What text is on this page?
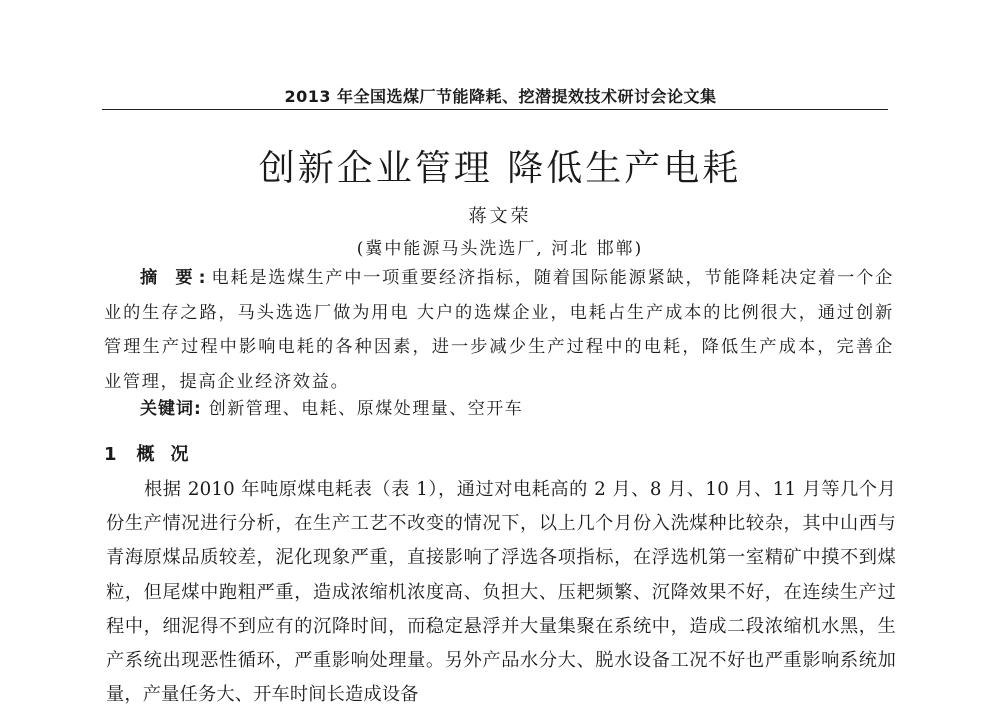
2013 年全国选煤厂节能降耗、挖潜提效技术研讨会论文集
创新企业管理 降低生产电耗
蒋文荣
(冀中能源马头洗选厂, 河北 邯郸)
摘 要:电耗是选煤生产中一项重要经济指标，随着国际能源紧缺，节能降耗决定着一个企业的生存之路，马头选选厂做为用电 大户的选煤企业，电耗占生产成本的比例很大，通过创新管理生产过程中影响电耗的各种因素，进一步减少生产过程中的电耗，降低生产成本，完善企业管理，提高企业经济效益。
关键词: 创新管理、电耗、原煤处理量、空开车
1 概况
根据 2010 年吨原煤电耗表（表 1），通过对电耗高的 2 月、8 月、10 月、11 月等几个月份生产情况进行分析，在生产工艺不改变的情况下，以上几个月份入洗煤种比较杂，其中山西与青海原煤品质较差，泥化现象严重，直接影响了浮选各项指标，在浮选机第一室精矿中摸不到煤粒，但尾煤中跑粗严重，造成浓缩机浓度高、负担大、压耙频繁、沉降效果不好，在连续生产过程中，细泥得不到应有的沉降时间，而稳定悬浮并大量集聚在系统中，造成二段浓缩机水黑，生产系统出现恶性循环，严重影响处理量。另外产品水分大、脱水设备工况不好也严重影响系统加量，产量任务大、开车时间长造成设备
